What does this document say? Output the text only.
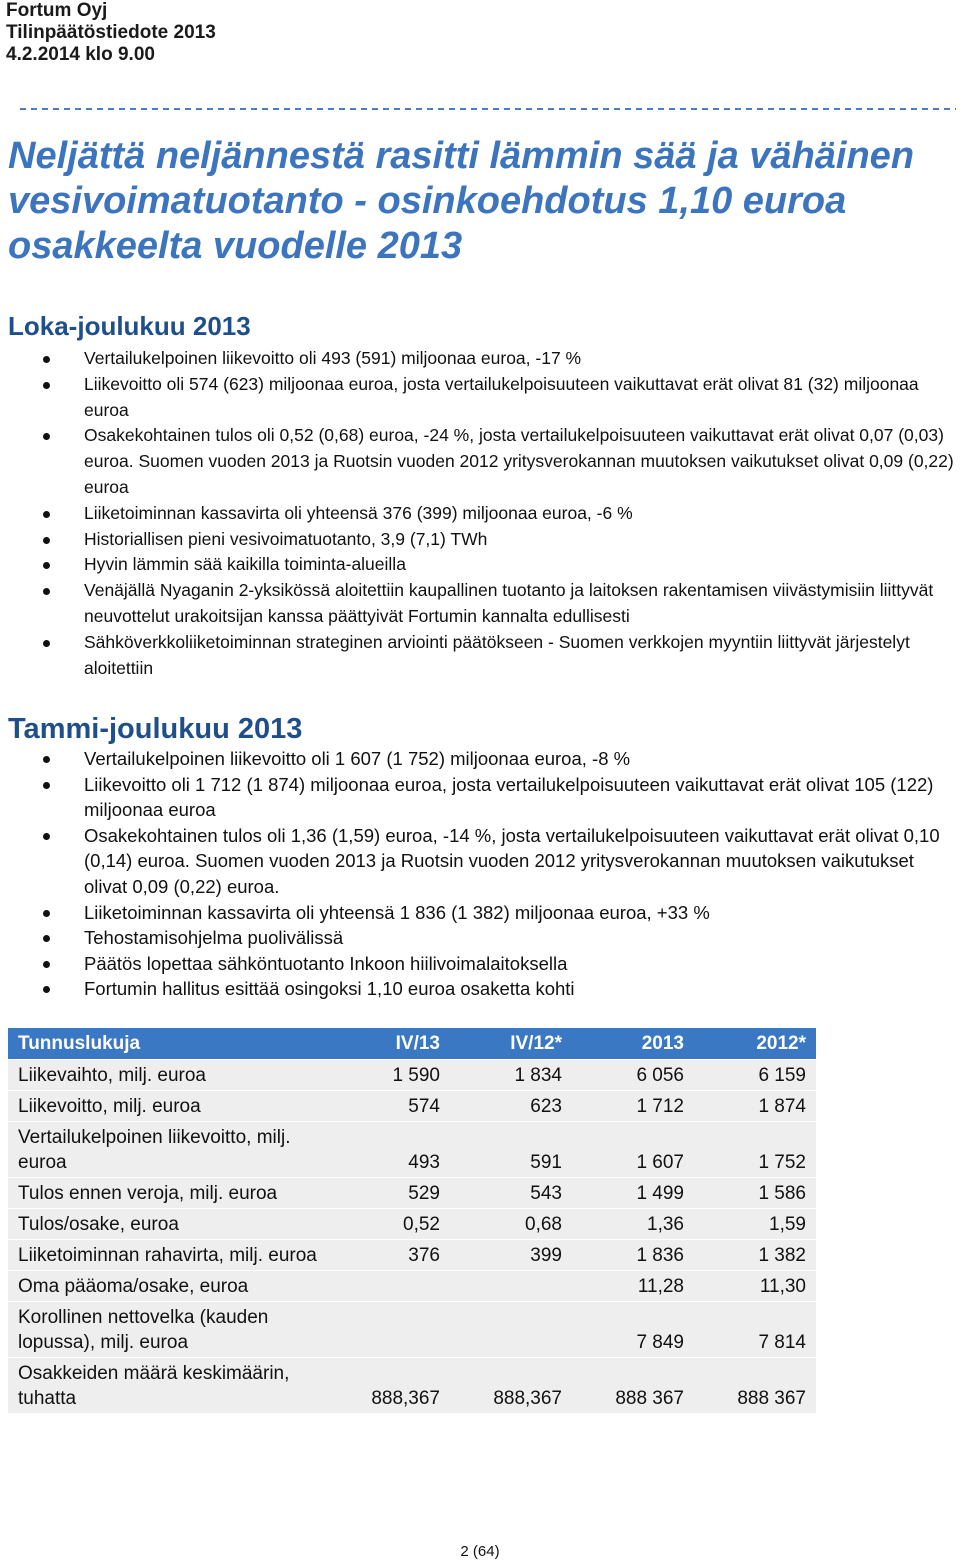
Fortum Oyj
Tilinpäätöstiedote 2013
4.2.2014 klo 9.00
Neljättä neljännestä rasitti lämmin sää ja vähäinen vesivoimatuotanto - osinkoehdotus 1,10 euroa osakkeelta vuodelle 2013
Loka-joulukuu 2013
Vertailukelpoinen liikevoitto oli 493 (591) miljoonaa euroa, -17 %
Liikevoitto oli 574 (623) miljoonaa euroa, josta vertailukelpoisuuteen vaikuttavat erät olivat 81 (32) miljoonaa euroa
Osakekohtainen tulos oli 0,52 (0,68) euroa, -24 %, josta vertailukelpoisuuteen vaikuttavat erät olivat 0,07 (0,03) euroa. Suomen vuoden 2013 ja Ruotsin vuoden 2012 yritysverokannan muutoksen vaikutukset olivat 0,09 (0,22) euroa
Liiketoiminnan kassavirta oli yhteensä 376 (399) miljoonaa euroa, -6 %
Historiallisen pieni vesivoimatuotanto, 3,9 (7,1) TWh
Hyvin lämmin sää kaikilla toiminta-alueilla
Venäjällä Nyaganin 2-yksikössä aloitettiin kaupallinen tuotanto ja laitoksen rakentamisen viivästymisiin liittyvät neuvottelut urakoitsijan kanssa päättyivät Fortumin kannalta edullisesti
Sähköverkkoliiketoiminnan strateginen arviointi päätökseen - Suomen verkkojen myyntiin liittyvät järjestelyt aloitettiin
Tammi-joulukuu 2013
Vertailukelpoinen liikevoitto oli 1 607 (1 752) miljoonaa euroa, -8 %
Liikevoitto oli 1 712 (1 874) miljoonaa euroa, josta vertailukelpoisuuteen vaikuttavat erät olivat 105 (122) miljoonaa euroa
Osakekohtainen tulos oli 1,36 (1,59) euroa, -14 %, josta vertailukelpoisuuteen vaikuttavat erät olivat 0,10 (0,14) euroa. Suomen vuoden 2013 ja Ruotsin vuoden 2012 yritysverokannan muutoksen vaikutukset olivat 0,09 (0,22) euroa.
Liiketoiminnan kassavirta oli yhteensä 1 836 (1 382) miljoonaa euroa, +33 %
Tehostamisohjelma puolivälissä
Päätös lopettaa sähköntuotanto Inkoon hiilivoimalaitoksella
Fortumin hallitus esittää osingoksi 1,10 euroa osaketta kohti
Tunnuslukuja	IV/13	IV/12*	2013	2012*
Liikevaihto, milj. euroa	1 590	1 834	6 056	6 159
Liikevoitto, milj. euroa	574	623	1 712	1 874
Vertailukelpoinen liikevoitto, milj. euroa	493	591	1 607	1 752
Tulos ennen veroja, milj. euroa	529	543	1 499	1 586
Tulos/osake, euroa	0,52	0,68	1,36	1,59
Liiketoiminnan rahavirta, milj. euroa	376	399	1 836	1 382
Oma pääoma/osake, euroa			11,28	11,30
Korollinen nettovelka (kauden lopussa), milj. euroa			7 849	7 814
Osakkeiden määrä keskimäärin, tuhatta	888,367	888,367	888 367	888 367
2 (64)
